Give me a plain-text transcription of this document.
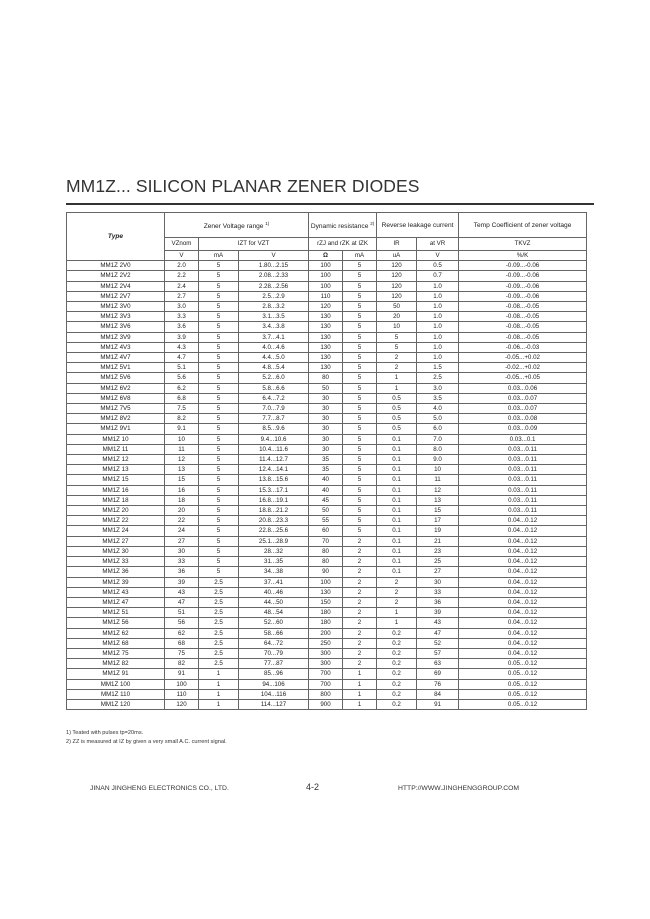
MM1Z... SILICON PLANAR ZENER DIODES
Type	Zener Voltage range $^{1)}$			Dynamic resistance $^{2)}$		Reverse leakage current		Temp Coefficient of zener voltage
	VZnom	IZT for VZT		rZJ and rZK at IZK		IR	at VR	TKVZ
	V	mA	V	Ω	mA	uA	V	%/K
MM1Z 2V0	2.0	5	1.80...2.15	100	5	120	0.5	-0.09...-0.06
MM1Z 2V2	2.2	5	2.08...2.33	100	5	120	0.7	-0.09...-0.06
MM1Z 2V4	2.4	5	2.28...2.56	100	5	120	1.0	-0.09...-0.06
MM1Z 2V7	2.7	5	2.5...2.9	110	5	120	1.0	-0.09...-0.06
MM1Z 3V0	3.0	5	2.8...3.2	120	5	50	1.0	-0.08...-0.05
MM1Z 3V3	3.3	5	3.1...3.5	130	5	20	1.0	-0.08...-0.05
MM1Z 3V6	3.6	5	3.4...3.8	130	5	10	1.0	-0.08...-0.05
MM1Z 3V9	3.9	5	3.7...4.1	130	5	5	1.0	-0.08...-0.05
MM1Z 4V3	4.3	5	4.0...4.6	130	5	5	1.0	-0.06...-0.03
MM1Z 4V7	4.7	5	4.4...5.0	130	5	2	1.0	-0.05...+0.02
MM1Z 5V1	5.1	5	4.8...5.4	130	5	2	1.5	-0.02...+0.02
MM1Z 5V6	5.6	5	5.2...6.0	80	5	1	2.5	-0.05...+0.05
MM1Z 6V2	6.2	5	5.8...6.6	50	5	1	3.0	0.03...0.06
MM1Z 6V8	6.8	5	6.4...7.2	30	5	0.5	3.5	0.03...0.07
MM1Z 7V5	7.5	5	7.0...7.9	30	5	0.5	4.0	0.03...0.07
MM1Z 8V2	8.2	5	7.7...8.7	30	5	0.5	5.0	0.03...0.08
MM1Z 9V1	9.1	5	8.5...9.6	30	5	0.5	6.0	0.03...0.09
MM1Z 10	10	5	9.4...10.6	30	5	0.1	7.0	0.03...0.1
MM1Z 11	11	5	10.4...11.6	30	5	0.1	8.0	0.03...0.11
MM1Z 12	12	5	11.4...12.7	35	5	0.1	9.0	0.03...0.11
MM1Z 13	13	5	12.4...14.1	35	5	0.1	10	0.03...0.11
MM1Z 15	15	5	13.8...15.6	40	5	0.1	11	0.03...0.11
MM1Z 16	16	5	15.3...17.1	40	5	0.1	12	0.03...0.11
MM1Z 18	18	5	16.8...19.1	45	5	0.1	13	0.03...0.11
MM1Z 20	20	5	18.8...21.2	50	5	0.1	15	0.03...0.11
MM1Z 22	22	5	20.8...23.3	55	5	0.1	17	0.04...0.12
MM1Z 24	24	5	22.8...25.6	60	5	0.1	19	0.04...0.12
MM1Z 27	27	5	25.1...28.9	70	2	0.1	21	0.04...0.12
MM1Z 30	30	5	28...32	80	2	0.1	23	0.04...0.12
MM1Z 33	33	5	31...35	80	2	0.1	25	0.04...0.12
MM1Z 36	36	5	34...38	90	2	0.1	27	0.04...0.12
MM1Z 39	39	2.5	37...41	100	2	2	30	0.04...0.12
MM1Z 43	43	2.5	40...46	130	2	2	33	0.04...0.12
MM1Z 47	47	2.5	44...50	150	2	2	36	0.04...0.12
MM1Z 51	51	2.5	48...54	180	2	1	39	0.04...0.12
MM1Z 56	56	2.5	52...60	180	2	1	43	0.04...0.12
MM1Z 62	62	2.5	58...66	200	2	0.2	47	0.04...0.12
MM1Z 68	68	2.5	64...72	250	2	0.2	52	0.04...0.12
MM1Z 75	75	2.5	70...79	300	2	0.2	57	0.04...0.12
MM1Z 82	82	2.5	77...87	300	2	0.2	63	0.05...0.12
MM1Z 91	91	1	85...96	700	1	0.2	69	0.05...0.12
MM1Z 100	100	1	94...106	700	1	0.2	76	0.05...0.12
MM1Z 110	110	1	104...116	800	1	0.2	84	0.05...0.12
MM1Z 120	120	1	114...127	900	1	0.2	91	0.05...0.12
1) Teated with pulses tp=20ms.
2) ZZ is measured at IZ by given a very small A.C. current signal.
JINAN JINGHENG ELECTRONICS CO., LTD.	4-2	HTTP://WWW.JINGHENGGROUP.COM
